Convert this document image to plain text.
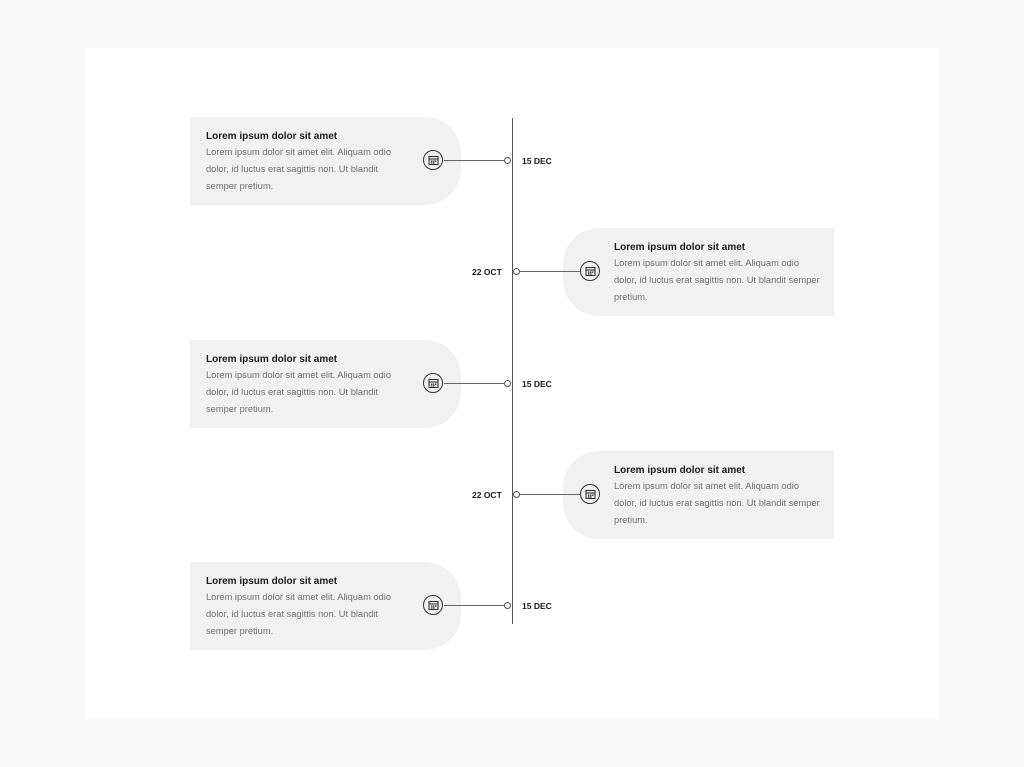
Lorem ipsum dolor sit amet
Lorem ipsum dolor sit amet elit. Aliquam odio dolor, id luctus erat sagittis non. Ut blandit semper pretium.
15 DEC
Lorem ipsum dolor sit amet
Lorem ipsum dolor sit amet elit. Aliquam odio dolor, id luctus erat sagittis non. Ut blandit semper pretium.
22 OCT
Lorem ipsum dolor sit amet
Lorem ipsum dolor sit amet elit. Aliquam odio dolor, id luctus erat sagittis non. Ut blandit semper pretium.
15 DEC
Lorem ipsum dolor sit amet
Lorem ipsum dolor sit amet elit. Aliquam odio dolor, id luctus erat sagittis non. Ut blandit semper pretium.
22 OCT
Lorem ipsum dolor sit amet
Lorem ipsum dolor sit amet elit. Aliquam odio dolor, id luctus erat sagittis non. Ut blandit semper pretium.
15 DEC
